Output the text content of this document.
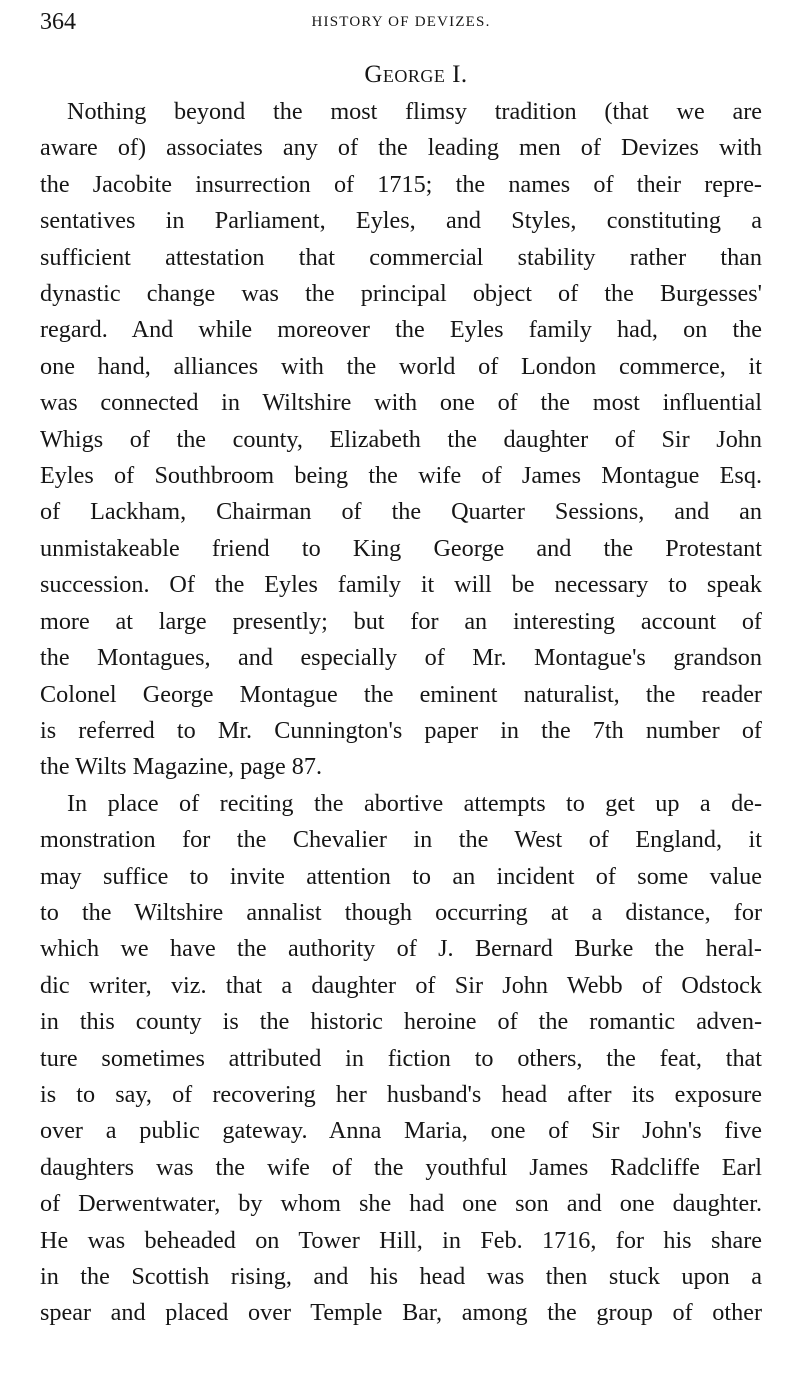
364	HISTORY OF DEVIZES.
George I.

Nothing beyond the most flimsy tradition (that we are
aware of) associates any of the leading men of Devizes with
the Jacobite insurrection of 1715; the names of their repre-
sentatives in Parliament, Eyles, and Styles, constituting a
sufficient attestation that commercial stability rather than
dynastic change was the principal object of the Burgesses'
regard. And while moreover the Eyles family had, on the
one hand, alliances with the world of London commerce, it
was connected in Wiltshire with one of the most influential
Whigs of the county, Elizabeth the daughter of Sir John
Eyles of Southbroom being the wife of James Montague Esq.
of Lackham, Chairman of the Quarter Sessions, and an
unmistakeable friend to King George and the Protestant
succession. Of the Eyles family it will be necessary to speak
more at large presently; but for an interesting account of
the Montagues, and especially of Mr. Montague's grandson
Colonel George Montague the eminent naturalist, the reader
is referred to Mr. Cunnington's paper in the 7th number of
the Wilts Magazine, page 87.

In place of reciting the abortive attempts to get up a de-
monstration for the Chevalier in the West of England, it
may suffice to invite attention to an incident of some value
to the Wiltshire annalist though occurring at a distance, for
which we have the authority of J. Bernard Burke the heral-
dic writer, viz. that a daughter of Sir John Webb of Odstock
in this county is the historic heroine of the romantic adven-
ture sometimes attributed in fiction to others, the feat, that
is to say, of recovering her husband's head after its exposure
over a public gateway. Anna Maria, one of Sir John's five
daughters was the wife of the youthful James Radcliffe Earl
of Derwentwater, by whom she had one son and one daughter.
He was beheaded on Tower Hill, in Feb. 1716, for his share
in the Scottish rising, and his head was then stuck upon a
spear and placed over Temple Bar, among the group of other
